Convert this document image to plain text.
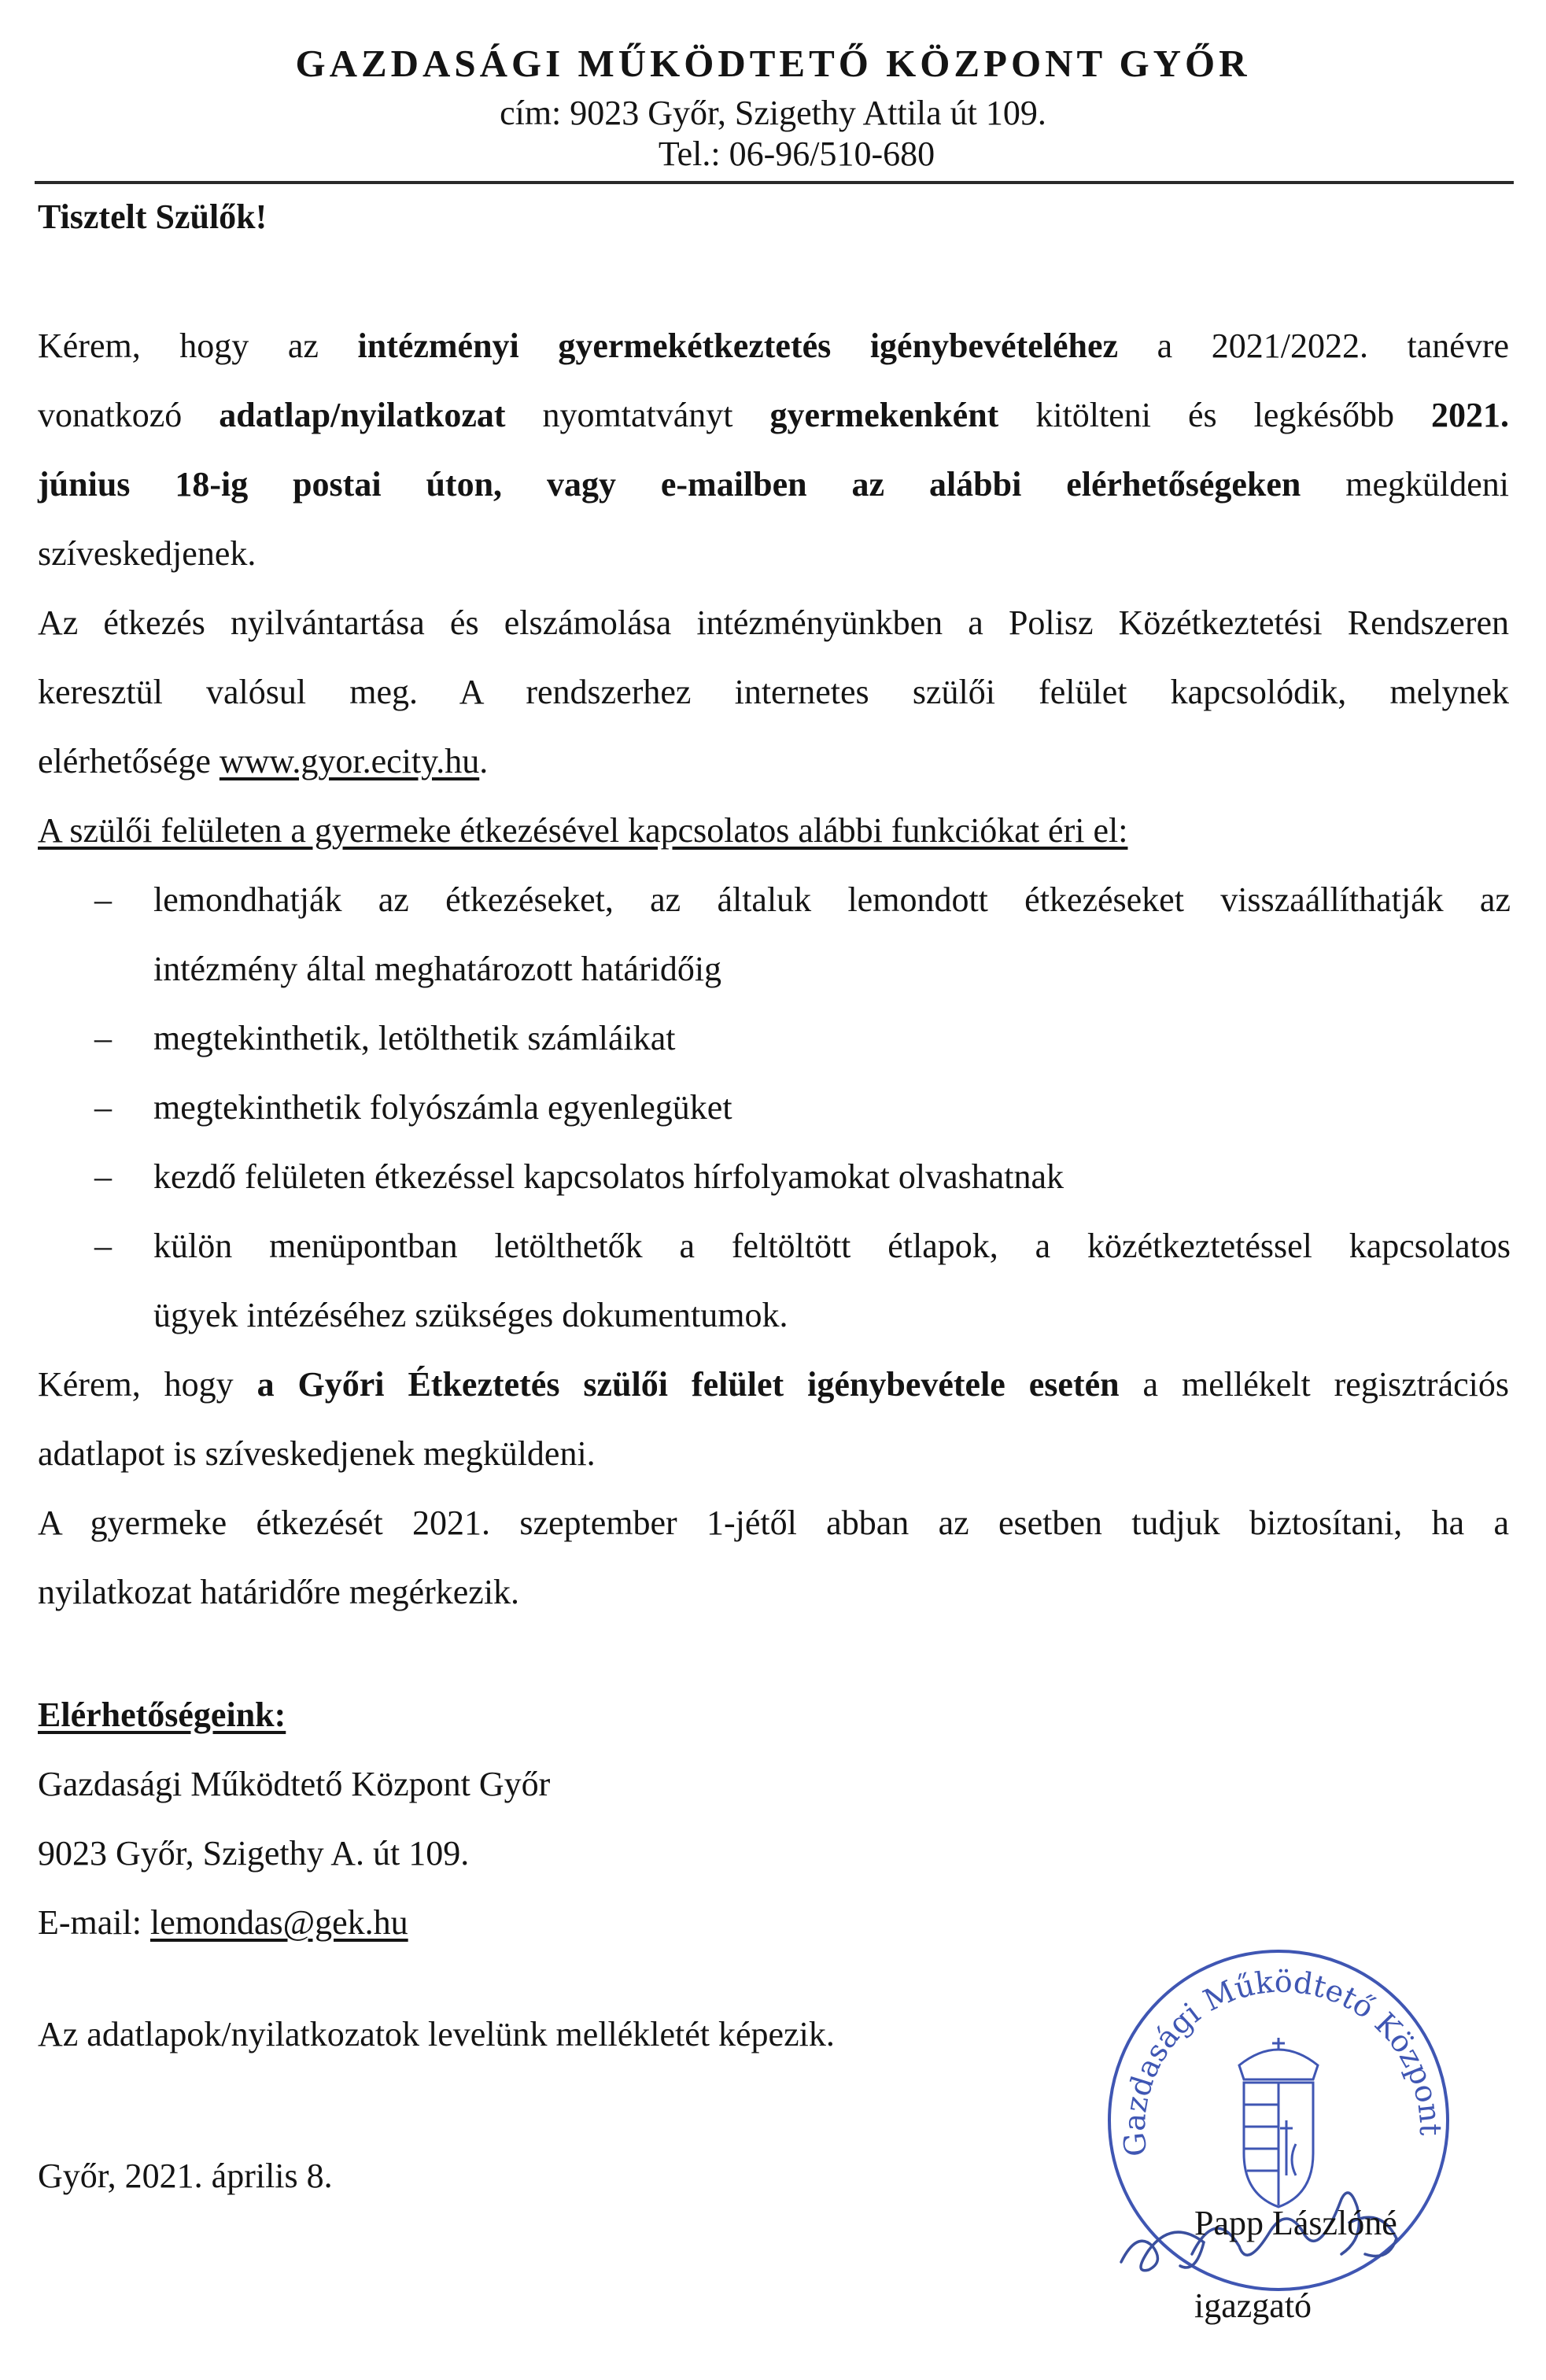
GAZDASÁGI MŰKÖDTETŐ KÖZPONT GYŐR
cím: 9023 Győr, Szigethy Attila út 109.
Tel.: 06-96/510-680
Tisztelt Szülők!
Kérem, hogy az intézményi gyermekétkeztetés igénybevételéhez a 2021/2022. tanévre
vonatkozó adatlap/nyilatkozat nyomtatványt gyermekenként kitölteni és legkésőbb 2021.
június 18-ig postai úton, vagy e-mailben az alábbi elérhetőségeken megküldeni
szíveskedjenek.
Az étkezés nyilvántartása és elszámolása intézményünkben a Polisz Közétkeztetési Rendszeren
keresztül valósul meg. A rendszerhez internetes szülői felület kapcsolódik, melynek
elérhetősége www.gyor.ecity.hu.
A szülői felületen a gyermeke étkezésével kapcsolatos alábbi funkciókat éri el:
– lemondhatják az étkezéseket, az általuk lemondott étkezéseket visszaállíthatják az
intézmény által meghatározott határidőig
– megtekinthetik, letölthetik számláikat
– megtekinthetik folyószámla egyenlegüket
– kezdő felületen étkezéssel kapcsolatos hírfolyamokat olvashatnak
– külön menüpontban letölthetők a feltöltött étlapok, a közétkeztetéssel kapcsolatos
ügyek intézéséhez szükséges dokumentumok.
Kérem, hogy a Győri Étkeztetés szülői felület igénybevétele esetén a mellékelt regisztrációs
adatlapot is szíveskedjenek megküldeni.
A gyermeke étkezését 2021. szeptember 1-jétől abban az esetben tudjuk biztosítani, ha a
nyilatkozat határidőre megérkezik.
Elérhetőségeink:
Gazdasági Működtető Központ Győr
9023 Győr, Szigethy A. út 109.
E-mail: lemondas@gek.hu
Az adatlapok/nyilatkozatok levelünk mellékletét képezik.
Győr, 2021. április 8.
Gazdasági Működtető Központ
Papp Lászlóné
igazgató
